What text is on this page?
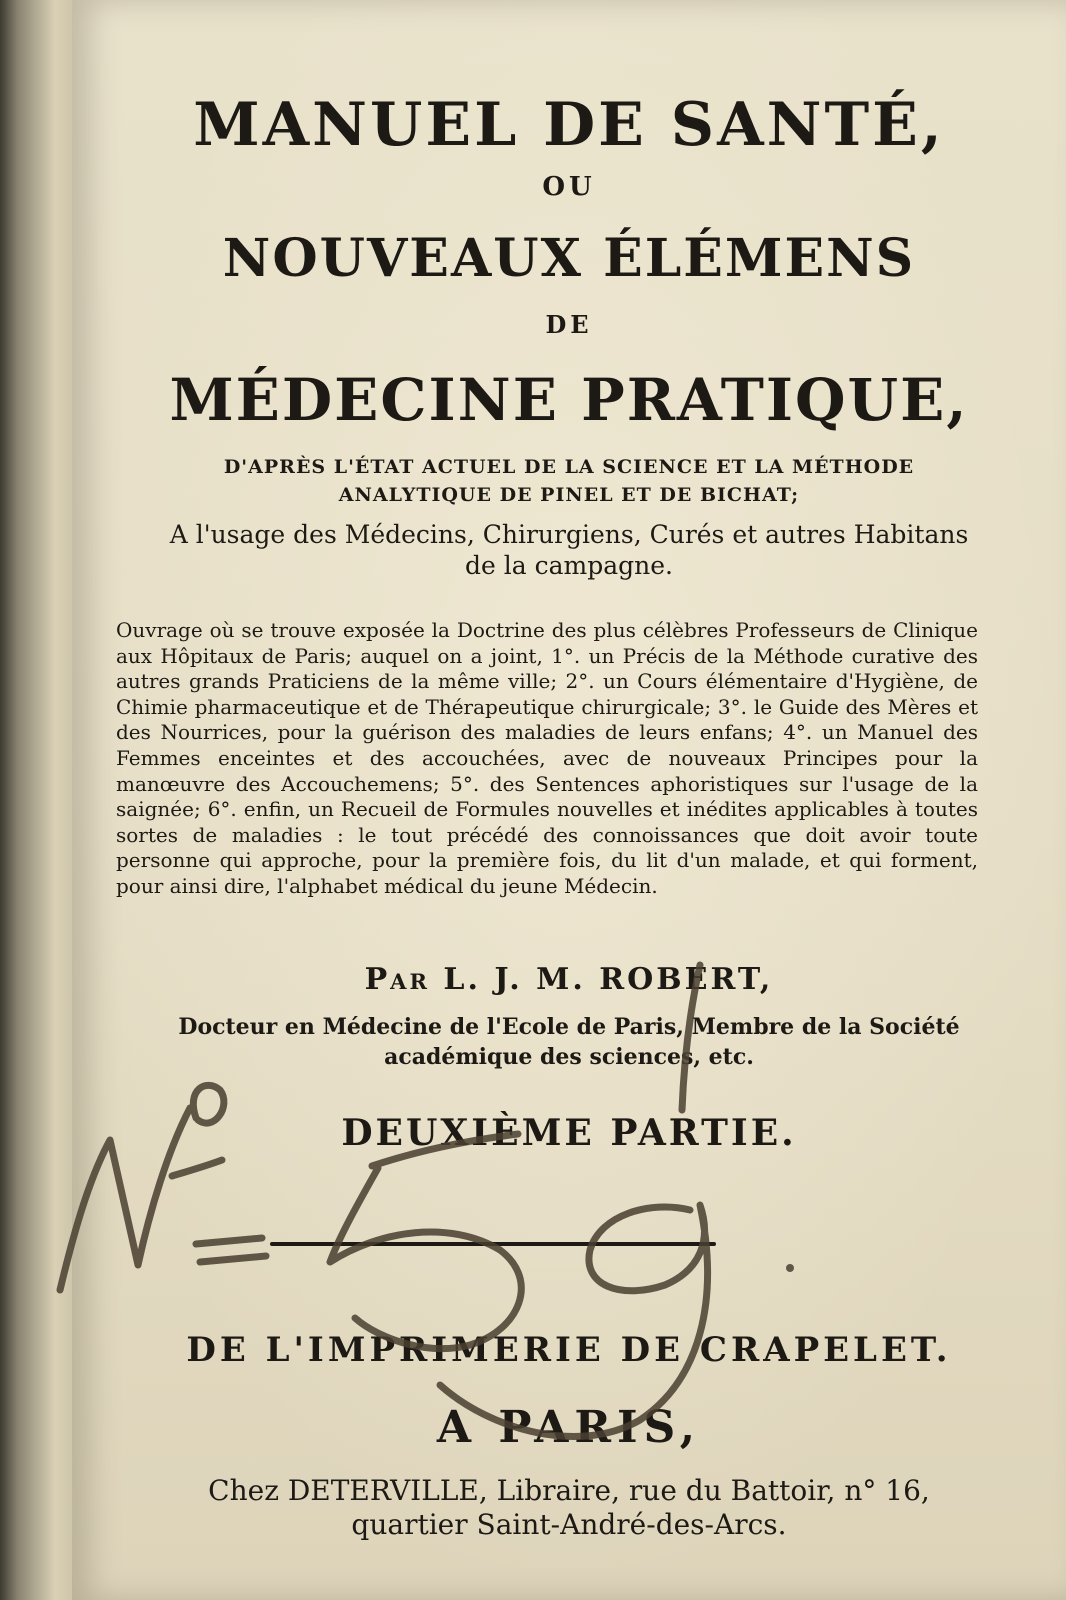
MANUEL DE SANTÉ,

OU

NOUVEAUX ÉLÉMENS

DE

MÉDECINE PRATIQUE,

D'APRÈS L'ÉTAT ACTUEL DE LA SCIENCE ET LA MÉTHODE

ANALYTIQUE DE PINEL ET DE BICHAT;

A l'usage des Médecins, Chirurgiens, Curés et autres Habitans

de la campagne.

Ouvrage où se trouve exposée la Doctrine des plus célèbres Professeurs de Clinique aux Hôpitaux de Paris; auquel on a joint, 1°. un Précis de la Méthode curative des autres grands Praticiens de la même ville; 2°. un Cours élémentaire d'Hygiène, de Chimie pharmaceutique et de Thérapeutique chirurgicale; 3°. le Guide des Mères et des Nourrices, pour la guérison des maladies de leurs enfans; 4°. un Manuel des Femmes enceintes et des accouchées, avec de nouveaux Principes pour la manœuvre des Accouchemens; 5°. des Sentences aphoristiques sur l'usage de la saignée; 6°. enfin, un Recueil de Formules nouvelles et inédites applicables à toutes sortes de maladies : le tout précédé des connoissances que doit avoir toute personne qui approche, pour la première fois, du lit d'un malade, et qui forment, pour ainsi dire, l'alphabet médical du jeune Médecin.

Par L. J. M. ROBERT,

Docteur en Médecine de l'Ecole de Paris, Membre de la Société

académique des sciences, etc.

DEUXIÈME PARTIE.

DE L'IMPRIMERIE DE CRAPELET.

A PARIS,

Chez DETERVILLE, Libraire, rue du Battoir, n° 16,

quartier Saint-André-des-Arcs.
